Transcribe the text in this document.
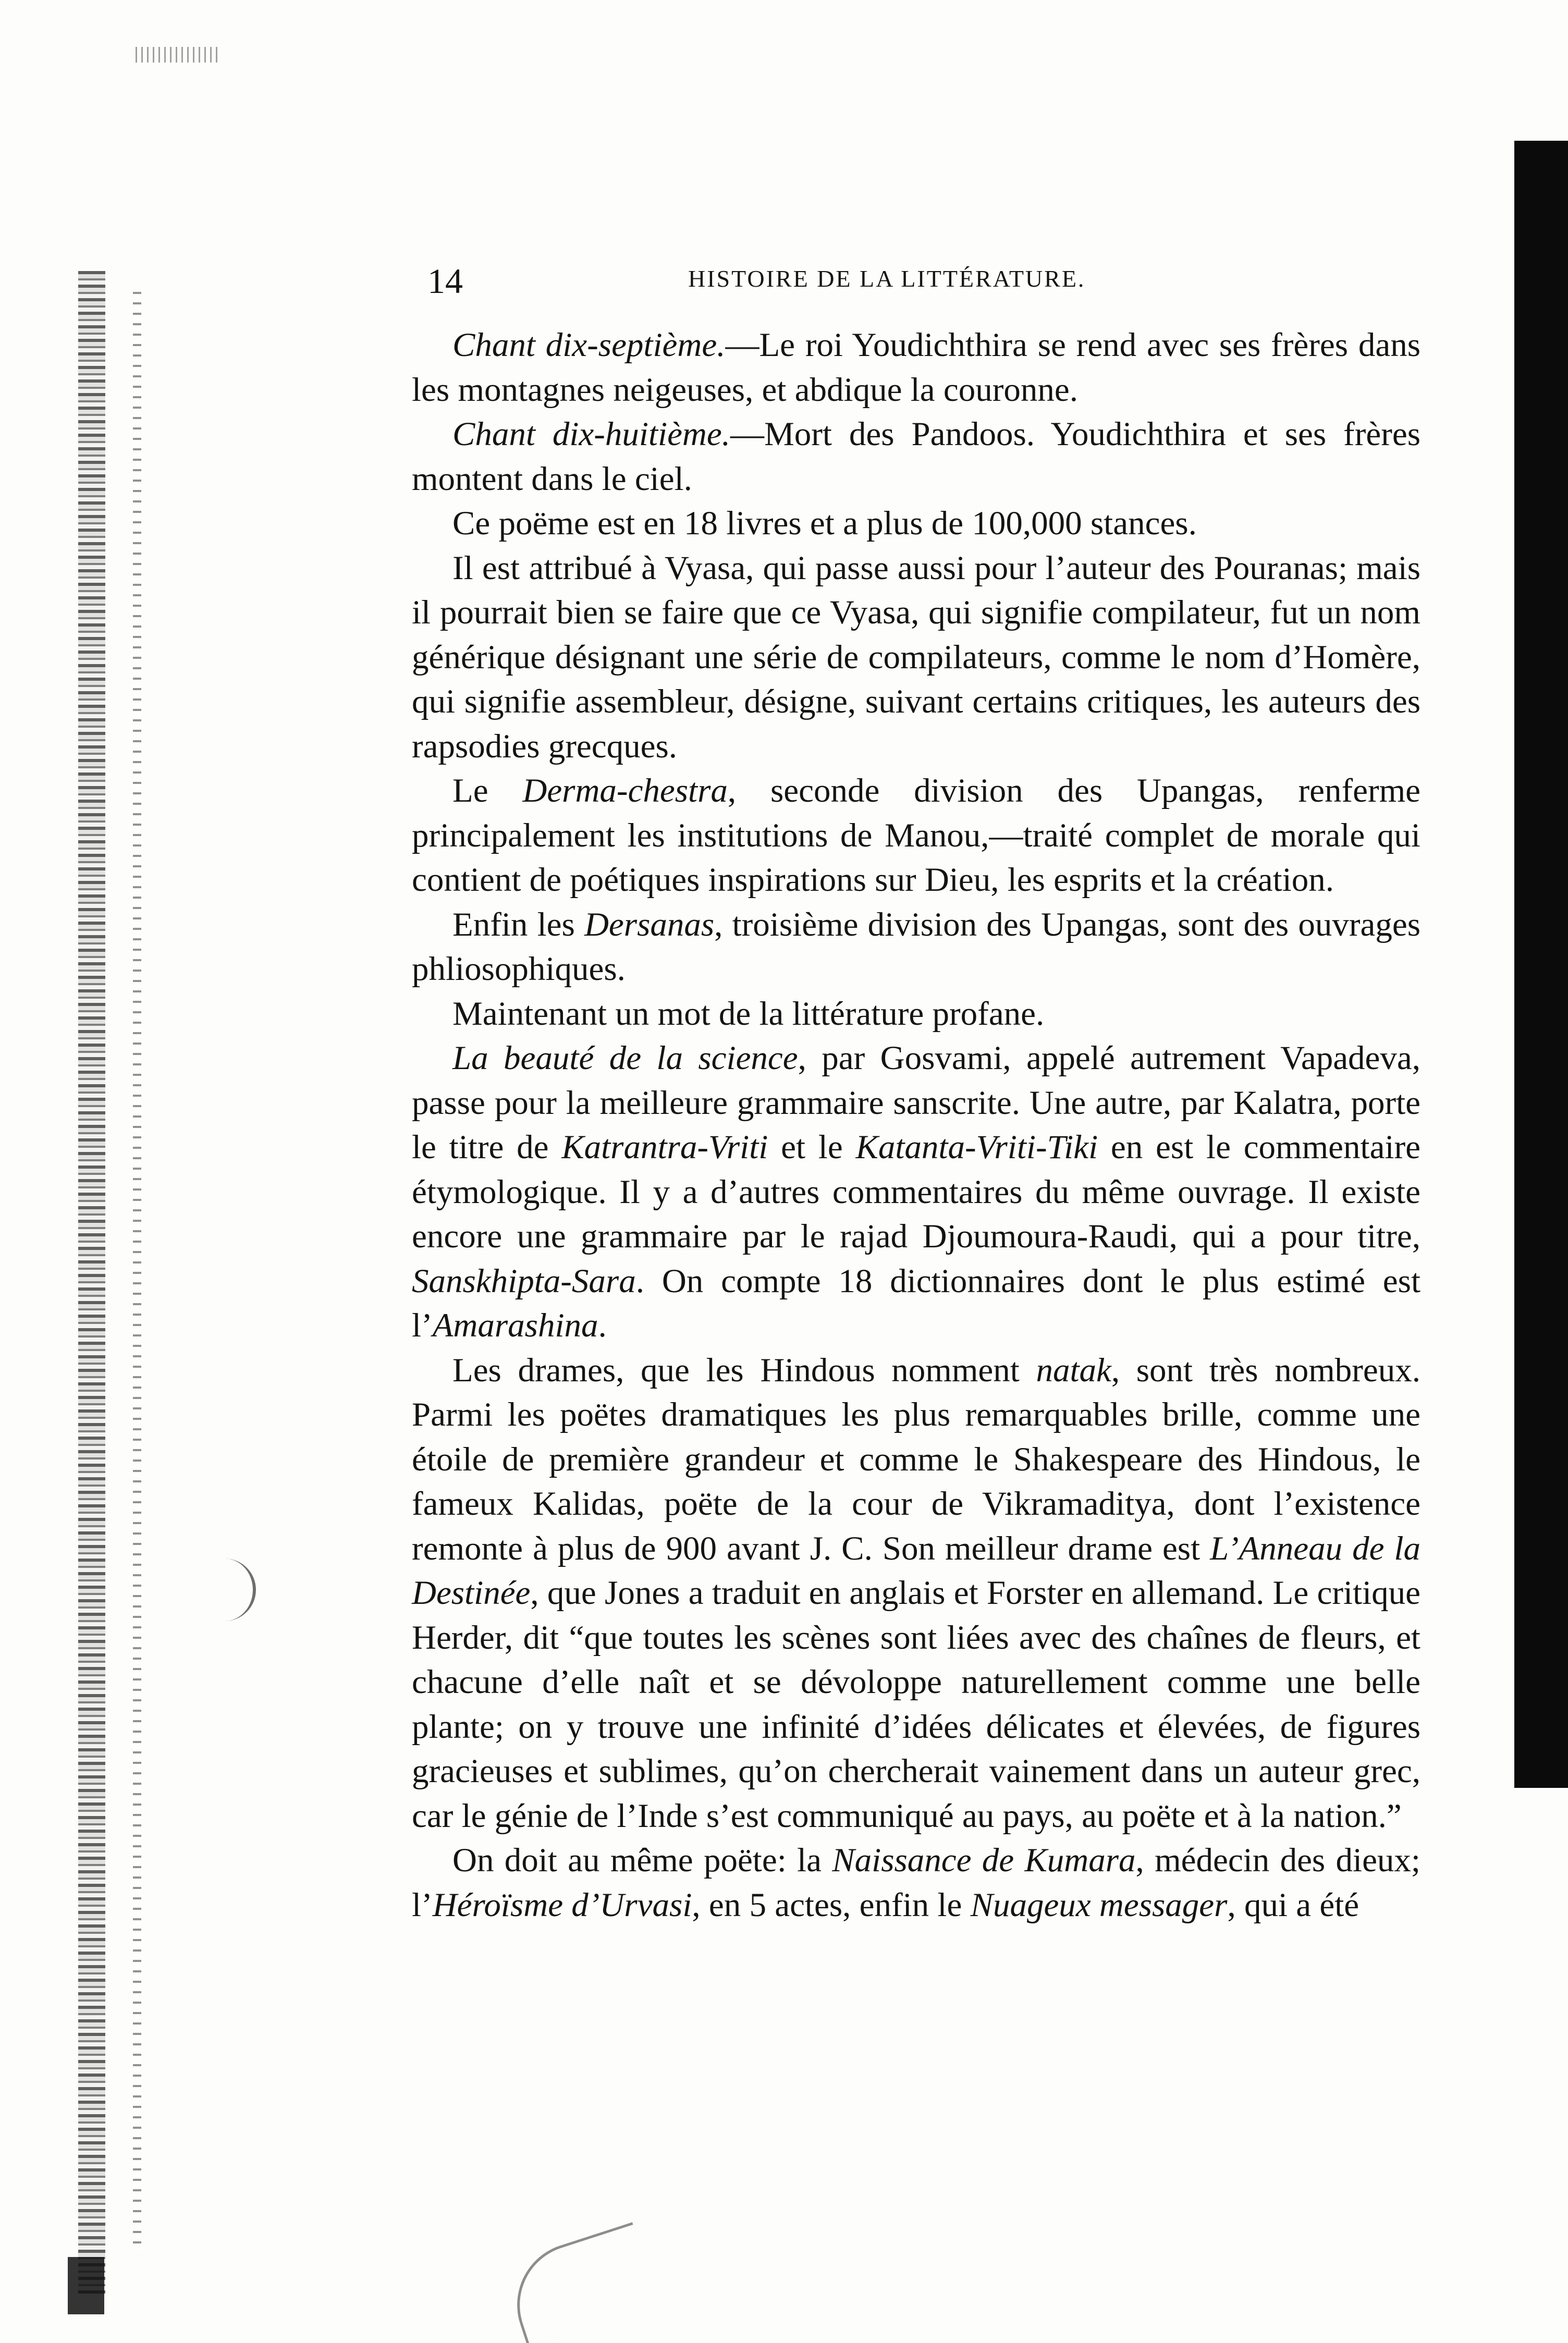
14	HISTOIRE DE LA LITTÉRATURE.

Chant dix-septième.—Le roi Youdichthira se rend avec ses frères dans les montagnes neigeuses, et abdique la couronne.

Chant dix-huitième.—Mort des Pandoos. Youdichthira et ses frères montent dans le ciel.

Ce poëme est en 18 livres et a plus de 100,000 stances.

Il est attribué à Vyasa, qui passe aussi pour l’auteur des Pouranas; mais il pourrait bien se faire que ce Vyasa, qui signifie compilateur, fut un nom générique désignant une série de compilateurs, comme le nom d’Homère, qui signifie assembleur, désigne, suivant certains critiques, les auteurs des rapsodies grecques.

Le Derma-chestra, seconde division des Upangas, renferme principalement les institutions de Manou,—traité complet de morale qui contient de poétiques inspirations sur Dieu, les esprits et la création.

Enfin les Dersanas, troisième division des Upangas, sont des ouvrages phliosophiques.

Maintenant un mot de la littérature profane.

La beauté de la science, par Gosvami, appelé autrement Vapadeva, passe pour la meilleure grammaire sanscrite. Une autre, par Kalatra, porte le titre de Katrantra-Vriti et le Katanta-Vriti-Tiki en est le commentaire étymologique. Il y a d’autres commentaires du même ouvrage. Il existe encore une grammaire par le rajad Djoumoura-Raudi, qui a pour titre, Sanskhipta-Sara. On compte 18 dictionnaires dont le plus estimé est l’Amarashina.

Les drames, que les Hindous nomment natak, sont très nombreux. Parmi les poëtes dramatiques les plus remarquables brille, comme une étoile de première grandeur et comme le Shakespeare des Hindous, le fameux Kalidas, poëte de la cour de Vikramaditya, dont l’existence remonte à plus de 900 avant J. C. Son meilleur drame est L’Anneau de la Destinée, que Jones a traduit en anglais et Forster en allemand. Le critique Herder, dit “que toutes les scènes sont liées avec des chaînes de fleurs, et chacune d’elle naît et se dévoloppe naturellement comme une belle plante; on y trouve une infinité d’idées délicates et élevées, de figures gracieuses et sublimes, qu’on chercherait vainement dans un auteur grec, car le génie de l’Inde s’est communiqué au pays, au poëte et à la nation.”

On doit au même poëte: la Naissance de Kumara, médecin des dieux; l’Héroïsme d’Urvasi, en 5 actes, enfin le Nuageux messager, qui a été
